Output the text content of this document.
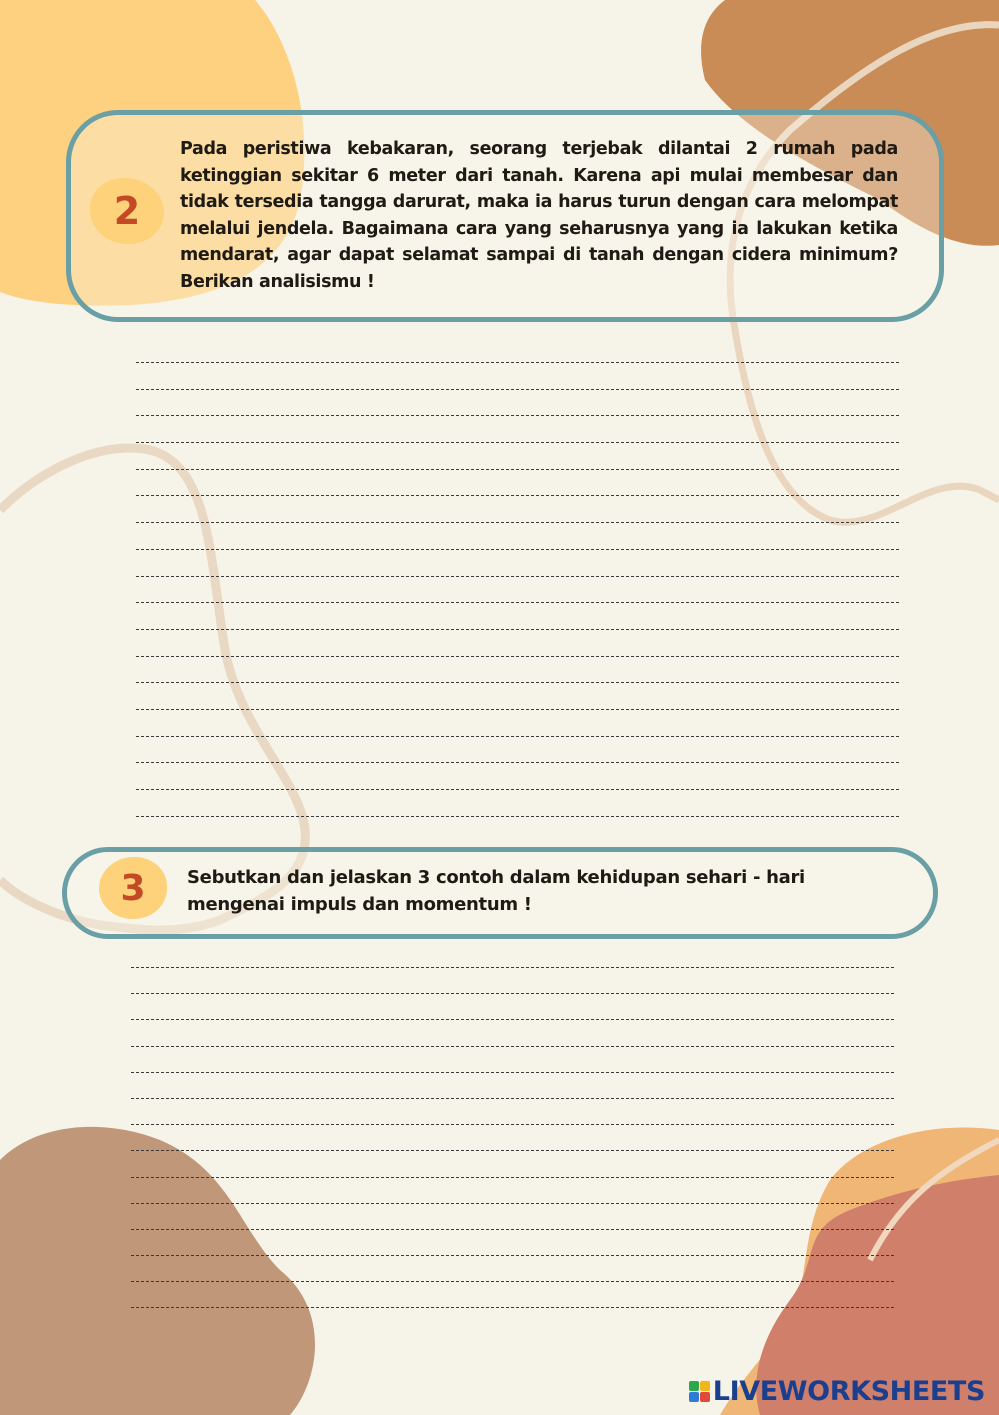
2

Pada peristiwa kebakaran, seorang terjebak dilantai 2 rumah pada ketinggian sekitar 6 meter dari tanah. Karena api mulai membesar dan tidak tersedia tangga darurat, maka ia harus turun dengan cara melompat melalui jendela. Bagaimana cara yang seharusnya yang ia lakukan ketika mendarat, agar dapat selamat sampai di tanah dengan cidera minimum? Berikan analisismu !

3	Sebutkan dan jelaskan 3 contoh dalam kehidupan sehari - hari mengenai impuls dan momentum !

LIVEWORKSHEETS
